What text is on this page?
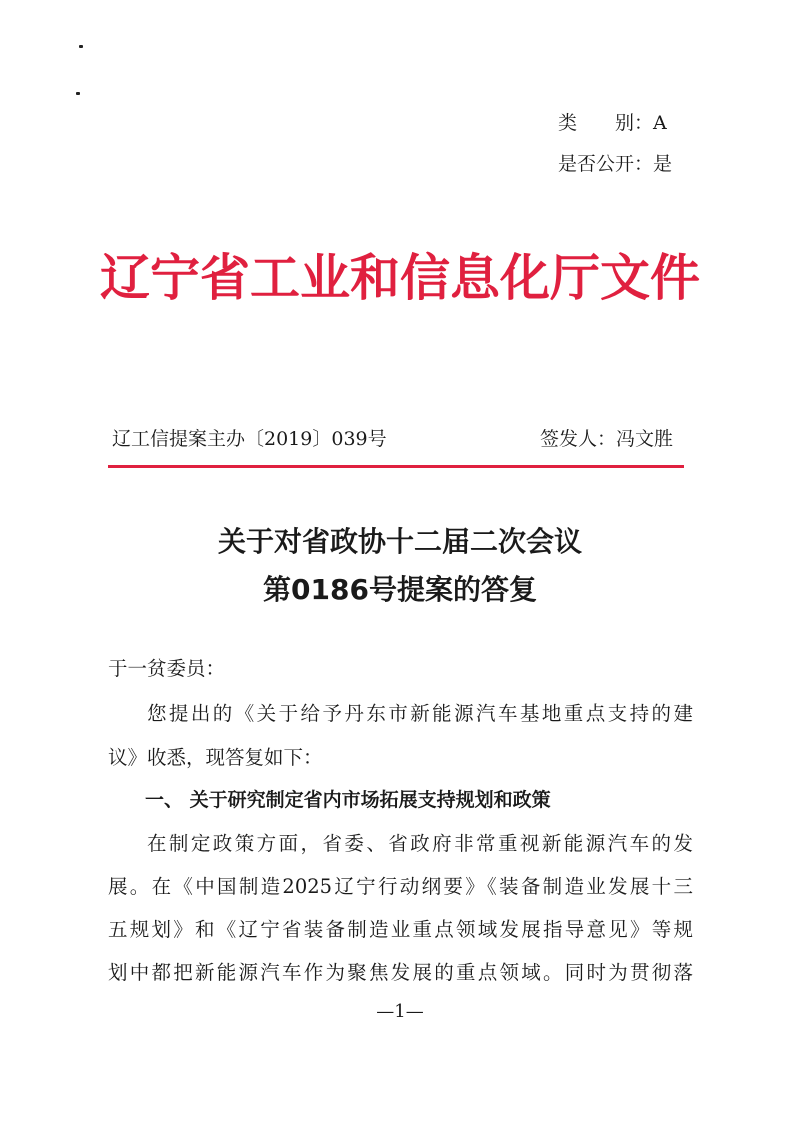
类　　别：A
是否公开：是
辽宁省工业和信息化厅文件
辽工信提案主办〔2019〕039号	签发人：冯文胜
关于对省政协十二届二次会议
第0186号提案的答复
于一贫委员：
您提出的《关于给予丹东市新能源汽车基地重点支持的建
议》收悉，现答复如下：
一、 关于研究制定省内市场拓展支持规划和政策
在制定政策方面，省委、省政府非常重视新能源汽车的发
展。在《中国制造2025辽宁行动纲要》《装备制造业发展十三
五规划》和《辽宁省装备制造业重点领域发展指导意见》等规
划中都把新能源汽车作为聚焦发展的重点领域。同时为贯彻落
—1—
